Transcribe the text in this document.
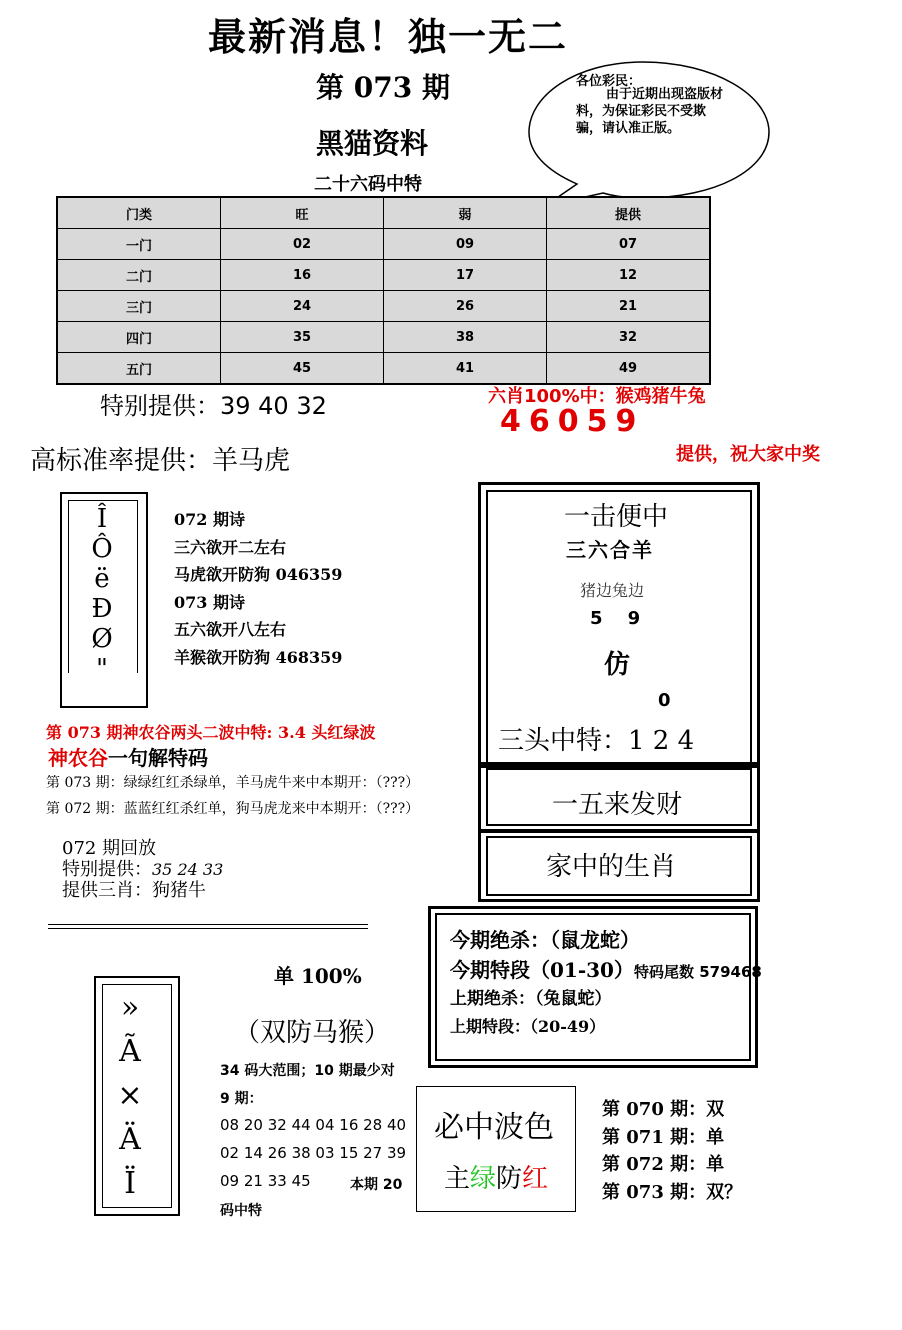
最新消息！独一无二
第 073 期
黑猫资料
二十六码中特
各位彩民：
由于近期出现盗版材料，为保证彩民不受欺骗，请认准正版。
门类	旺	弱	提供
一门	02	09	07
二门	16	17	12
三门	24	26	21
四门	35	38	32
五门	45	41	49
特别提供：39 40 32	六肖100%中：猴鸡猪牛兔
46059
提供，祝大家中奖
高标准率提供：羊马虎
Î
Ô
ë
Ð
Ø
"
072 期诗
三六欲开二左右
马虎欲开防狗 046359
073 期诗
五六欲开八左右
羊猴欲开防狗 468359
一击便中
三六合羊
猪边兔边
5    9
仿
0
三头中特：1 2 4
一五来发财
家中的生肖
第 073 期神农谷两头二波中特: 3.4 头红绿波
神农谷一句解特码
第 073 期：绿绿红红杀绿单，羊马虎牛来中本期开：（???）
第 072 期：蓝蓝红红杀红单，狗马虎龙来中本期开：（???）
072 期回放
特别提供：35 24 33
提供三肖：狗猪牛
今期绝杀：（鼠龙蛇）
今期特段（01-30）特码尾数 579468
上期绝杀：（兔鼠蛇）
上期特段：（20-49）
»
Ã
×
Ä
Ï
单 100%
（双防马猴）
34 码大范围；10 期最少对
9 期：
08 20 32 44 04 16 28 40
02 14 26 38 03 15 27 39
09 21 33 45	本期 20
码中特
必中波色
主绿防红
第 070 期：双
第 071 期：单
第 072 期：单
第 073 期：双？
